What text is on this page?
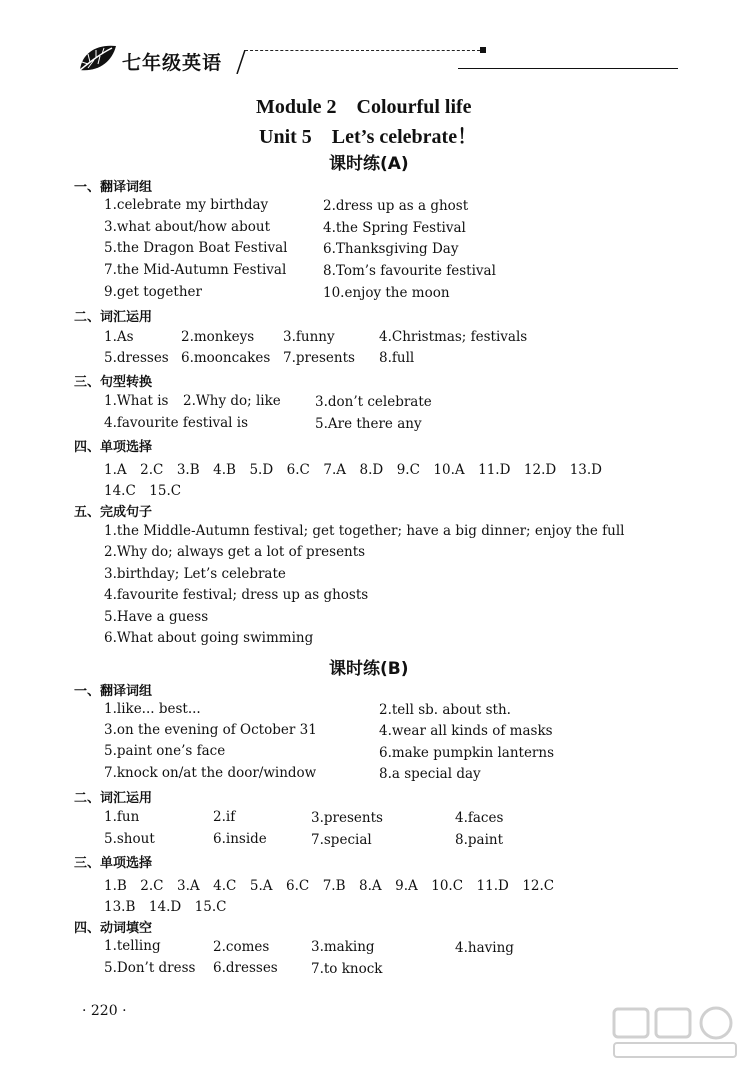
七年级英语
Module 2　Colourful life
Unit 5　Let’s celebrate！
课时练(A)
一、翻译词组
1.celebrate my birthday	2.dress up as a ghost
3.what about/how about	4.the Spring Festival
5.the Dragon Boat Festival	6.Thanksgiving Day
7.the Mid-Autumn Festival	8.Tom’s favourite festival
9.get together	10.enjoy the moon
二、词汇运用
1.As	2.monkeys 3.funny	4.Christmas; festivals
5.dresses 6.mooncakes 7.presents 8.full
三、句型转换
1.What is 2.Why do; like	3.don’t celebrate
4.favourite festival is	5.Are there any
四、单项选择
1.A　2.C　3.B　4.B　5.D　6.C　7.A　8.D　9.C　10.A　11.D　12.D　13.D
14.C　15.C
五、完成句子
1.the Middle-Autumn festival; get together; have a big dinner; enjoy the full
2.Why do; always get a lot of presents
3.birthday; Let’s celebrate
4.favourite festival; dress up as ghosts
5.Have a guess
6.What about going swimming
课时练(B)
一、翻译词组
1.like... best...	2.tell sb. about sth.
3.on the evening of October 31	4.wear all kinds of masks
5.paint one’s face	6.make pumpkin lanterns
7.knock on/at the door/window	8.a special day
二、词汇运用
1.fun	2.if	3.presents	4.faces
5.shout	6.inside	7.special	8.paint
三、单项选择
1.B　2.C　3.A　4.C　5.A　6.C　7.B　8.A　9.A　10.C　11.D　12.C
13.B　14.D　15.C
四、动词填空
1.telling	2.comes	3.making	4.having
5.Don’t dress 6.dresses 7.to knock
· 220 ·
